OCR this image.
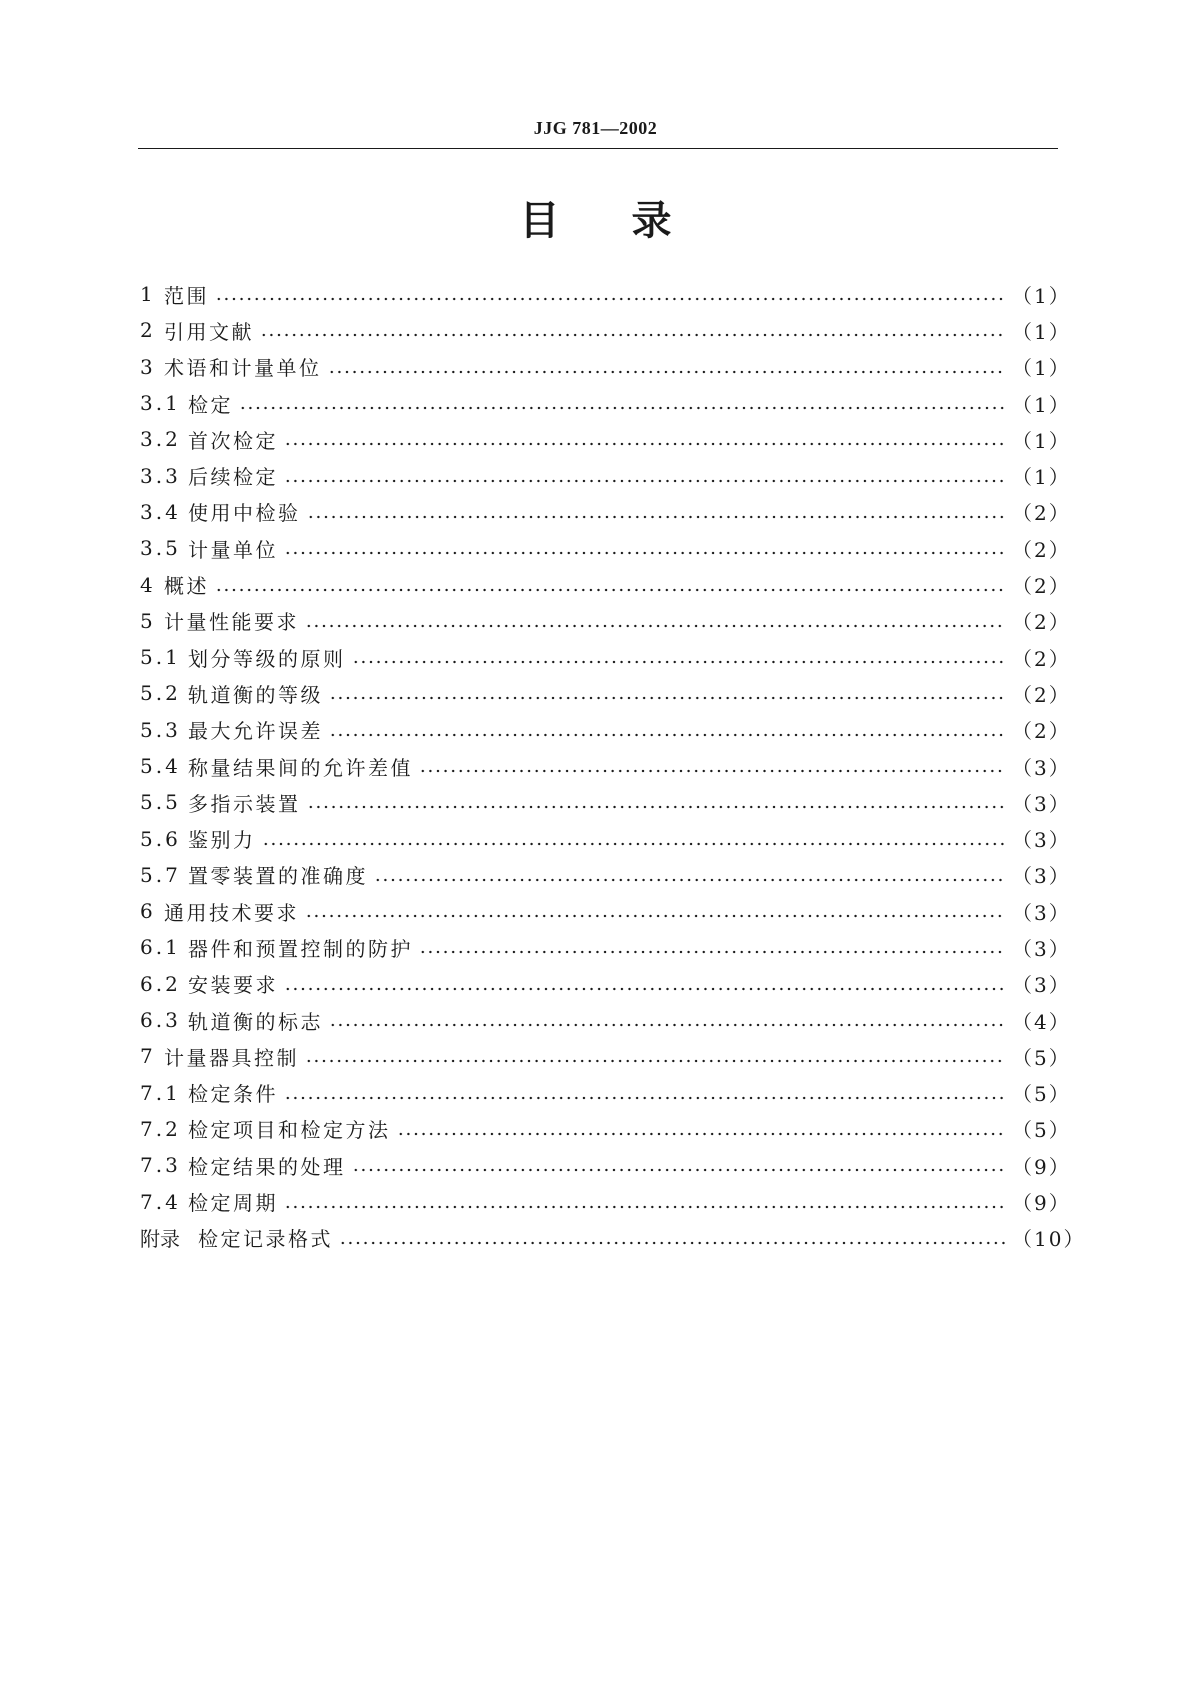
JJG 781—2002
目 录
1 范围	（1）
2 引用文献	（1）
3 术语和计量单位	（1）
3.1 检定	（1）
3.2 首次检定	（1）
3.3 后续检定	（1）
3.4 使用中检验	（2）
3.5 计量单位	（2）
4 概述	（2）
5 计量性能要求	（2）
5.1 划分等级的原则	（2）
5.2 轨道衡的等级	（2）
5.3 最大允许误差	（2）
5.4 称量结果间的允许差值	（3）
5.5 多指示装置	（3）
5.6 鉴别力	（3）
5.7 置零装置的准确度	（3）
6 通用技术要求	（3）
6.1 器件和预置控制的防护	（3）
6.2 安装要求	（3）
6.3 轨道衡的标志	（4）
7 计量器具控制	（5）
7.1 检定条件	（5）
7.2 检定项目和检定方法	（5）
7.3 检定结果的处理	（9）
7.4 检定周期	（9）
附录 检定记录格式	（10）
